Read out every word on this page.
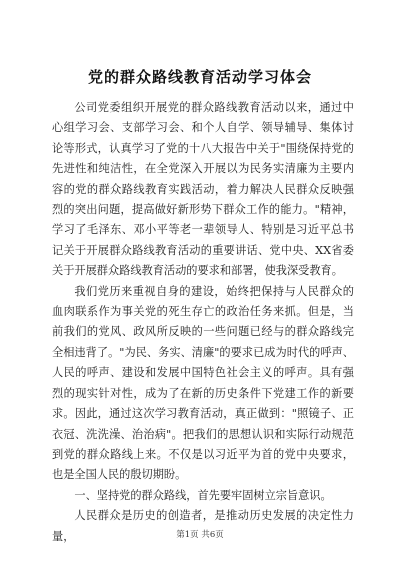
党的群众路线教育活动学习体会

公司党委组织开展党的群众路线教育活动以来，通过中心组学习会、支部学习会、和个人自学、领导辅导、集体讨论等形式，认真学习了党的十八大报告中关于"围绕保持党的先进性和纯洁性，在全党深入开展以为民务实清廉为主要内容的党的群众路线教育实践活动，着力解决人民群众反映强烈的突出问题，提高做好新形势下群众工作的能力。"精神，学习了毛泽东、邓小平等老一辈领导人、特别是习近平总书记关于开展群众路线教育活动的重要讲话、党中央、XX省委关于开展群众路线教育活动的要求和部署，使我深受教育。

我们党历来重视自身的建设，始终把保持与人民群众的血肉联系作为事关党的死生存亡的政治任务来抓。但是，当前我们的党风、政风所反映的一些问题已经与的群众路线完全相违背了。"为民、务实、清廉"的要求已成为时代的呼声、人民的呼声、建设和发展中国特色社会主义的呼声。具有强烈的现实针对性，成为了在新的历史条件下党建工作的新要求。因此，通过这次学习教育活动，真正做到："照镜子、正衣冠、洗洗澡、治治病"。把我们的思想认识和实际行动规范到党的群众路线上来。不仅是以习近平为首的党中央要求，也是全国人民的殷切期盼。

一、坚持党的群众路线，首先要牢固树立宗旨意识。

人民群众是历史的创造者，是推动历史发展的决定性力量，	第1页 共6页
